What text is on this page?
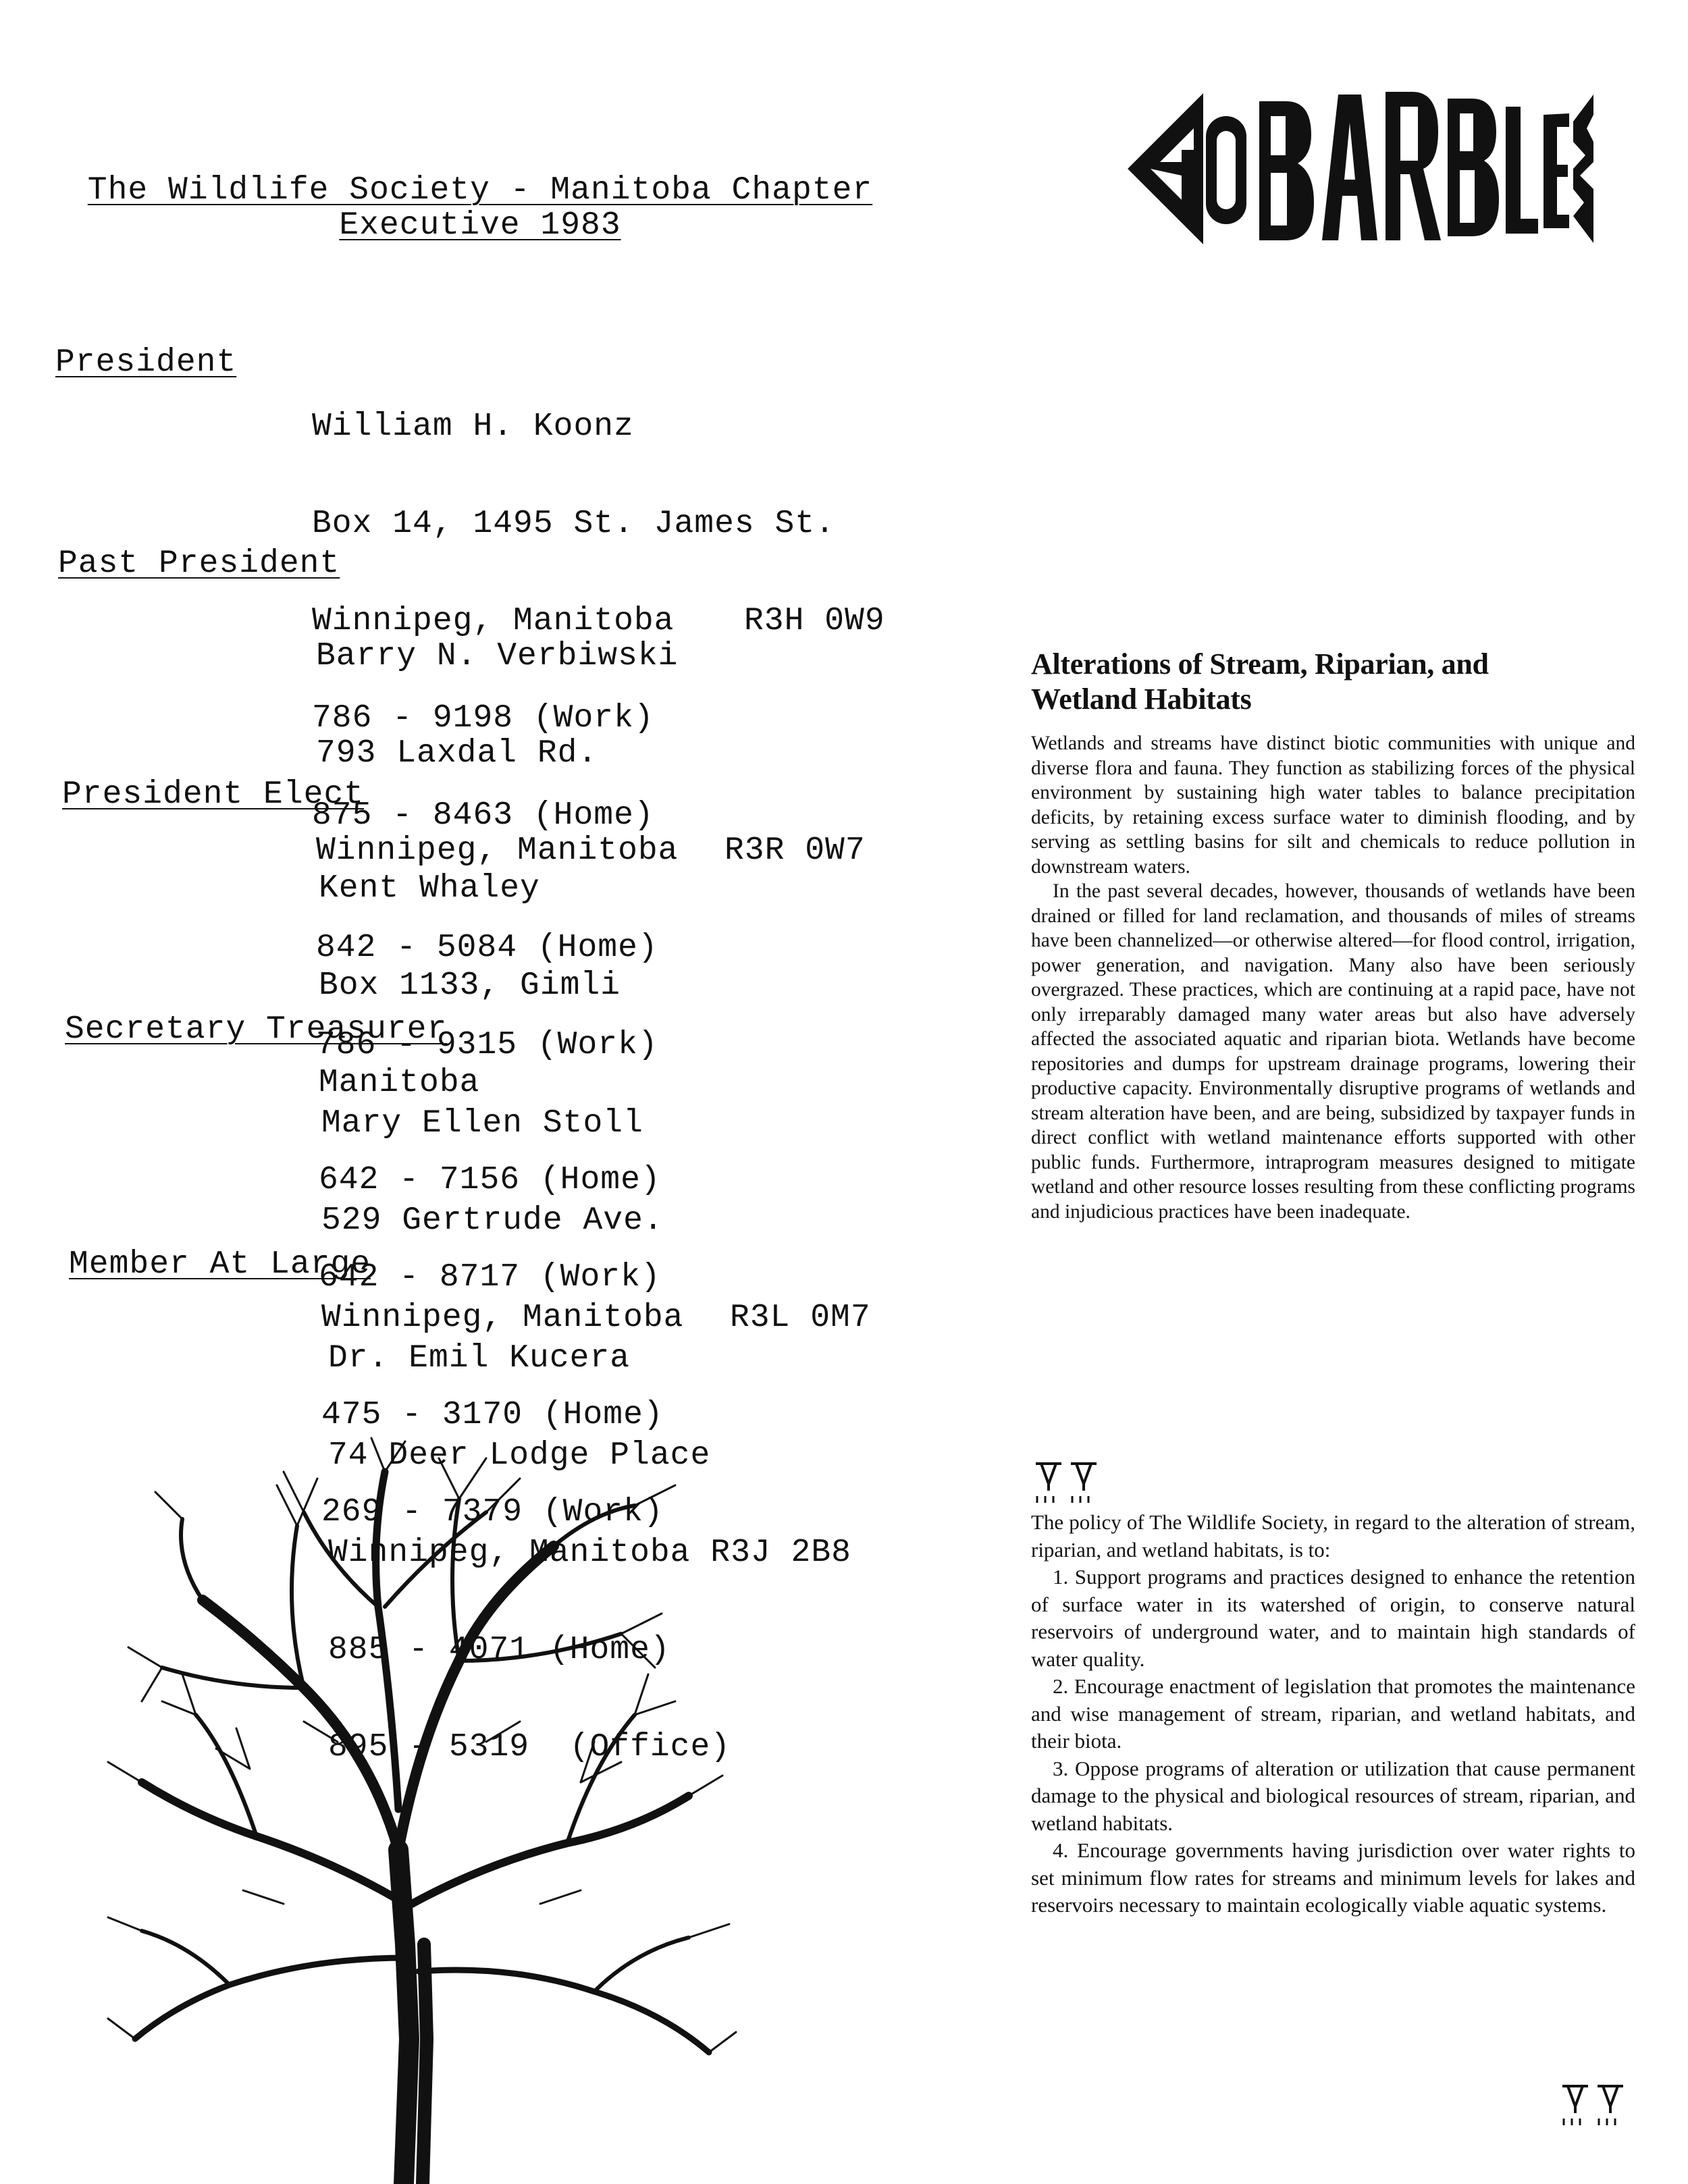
The Wildlife Society - Manitoba Chapter
Executive 1983
President

William H. Koonz

Box 14, 1495 St. James St.

Winnipeg, Manitoba R3H 0W9

786 - 9198 (Work)

875 - 8463 (Home)

Past President

Barry N. Verbiwski

793 Laxdal Rd.

Winnipeg, Manitoba R3R 0W7

842 - 5084 (Home)

786 - 9315 (Work)

President Elect

Kent Whaley

Box 1133, Gimli

Manitoba

642 - 7156 (Home)

642 - 8717 (Work)

Secretary Treasurer

Mary Ellen Stoll

529 Gertrude Ave.

Winnipeg, Manitoba R3L 0M7

475 - 3170 (Home)

269 - 7379 (Work)

Member At Large

Dr. Emil Kucera

74 Deer Lodge Place

Winnipeg, Manitoba R3J 2B8

885 - 4071 (Home)

895 - 5319  (Office)

Alterations of Stream, Riparian, and
Wetland Habitats

Wetlands and streams have distinct biotic communities with unique and diverse flora and fauna. They function as stabilizing forces of the physical environment by sustaining high water tables to balance precipitation deficits, by retaining excess surface water to diminish flooding, and by serving as settling basins for silt and chemicals to reduce pollution in downstream waters.

In the past several decades, however, thousands of wetlands have been drained or filled for land reclamation, and thousands of miles of streams have been channelized—or otherwise altered—for flood control, irrigation, power generation, and navigation. Many also have been seriously overgrazed. These practices, which are continuing at a rapid pace, have not only irreparably damaged many water areas but also have adversely affected the associated aquatic and riparian biota. Wetlands have become repositories and dumps for upstream drainage programs, lowering their productive capacity. Environmentally disruptive programs of wetlands and stream alteration have been, and are being, subsidized by taxpayer funds in direct conflict with wetland maintenance efforts supported with other public funds. Furthermore, intraprogram measures designed to mitigate wetland and other resource losses resulting from these conflicting programs and injudicious practices have been inadequate.

The policy of The Wildlife Society, in regard to the alteration of stream, riparian, and wetland habitats, is to:

1. Support programs and practices designed to enhance the retention of surface water in its watershed of origin, to conserve natural reservoirs of underground water, and to maintain high standards of water quality.

2. Encourage enactment of legislation that promotes the maintenance and wise management of stream, riparian, and wetland habitats, and their biota.

3. Oppose programs of alteration or utilization that cause permanent damage to the physical and biological resources of stream, riparian, and wetland habitats.

4. Encourage governments having jurisdiction over water rights to set minimum flow rates for streams and minimum levels for lakes and reservoirs necessary to maintain ecologically viable aquatic systems.
